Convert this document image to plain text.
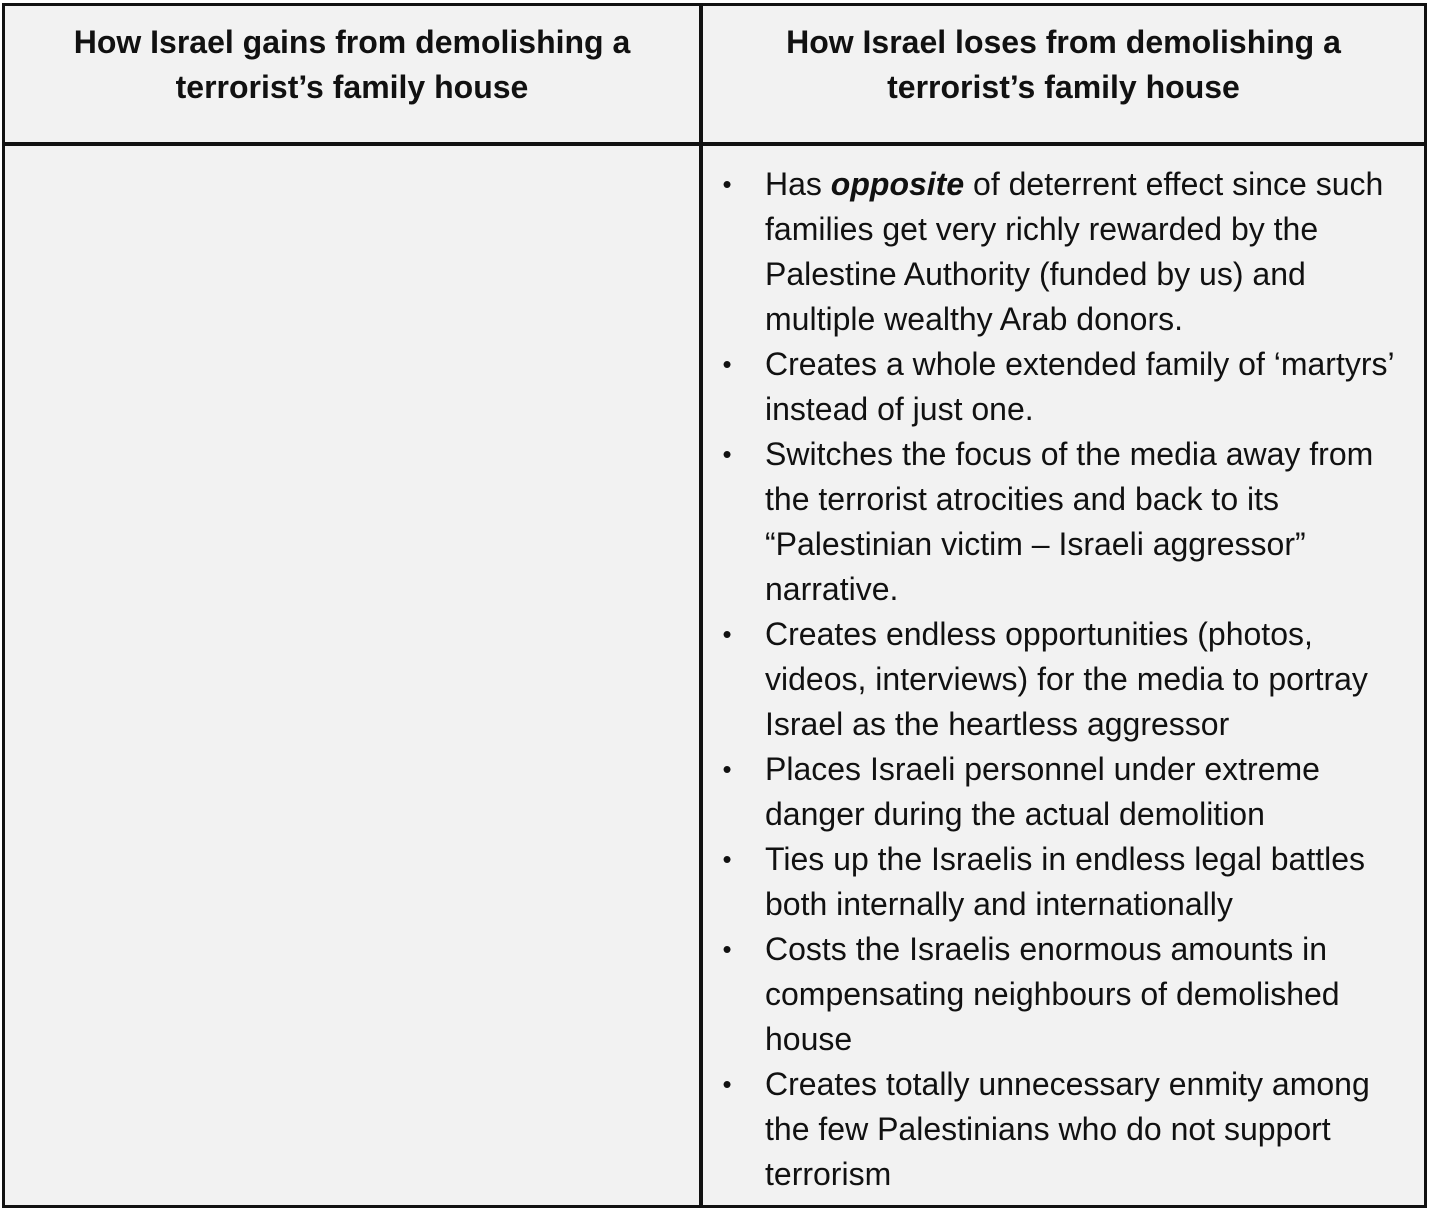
How Israel gains from demolishing a terrorist’s family house
How Israel loses from demolishing a terrorist’s family house
• Has opposite of deterrent effect since such families get very richly rewarded by the Palestine Authority (funded by us) and multiple wealthy Arab donors.
• Creates a whole extended family of ‘martyrs’ instead of just one.
• Switches the focus of the media away from the terrorist atrocities and back to its “Palestinian victim – Israeli aggressor” narrative.
• Creates endless opportunities (photos, videos, interviews) for the media to portray Israel as the heartless aggressor
• Places Israeli personnel under extreme danger during the actual demolition
• Ties up the Israelis in endless legal battles both internally and internationally
• Costs the Israelis enormous amounts in compensating neighbours of demolished house
• Creates totally unnecessary enmity among the few Palestinians who do not support terrorism
